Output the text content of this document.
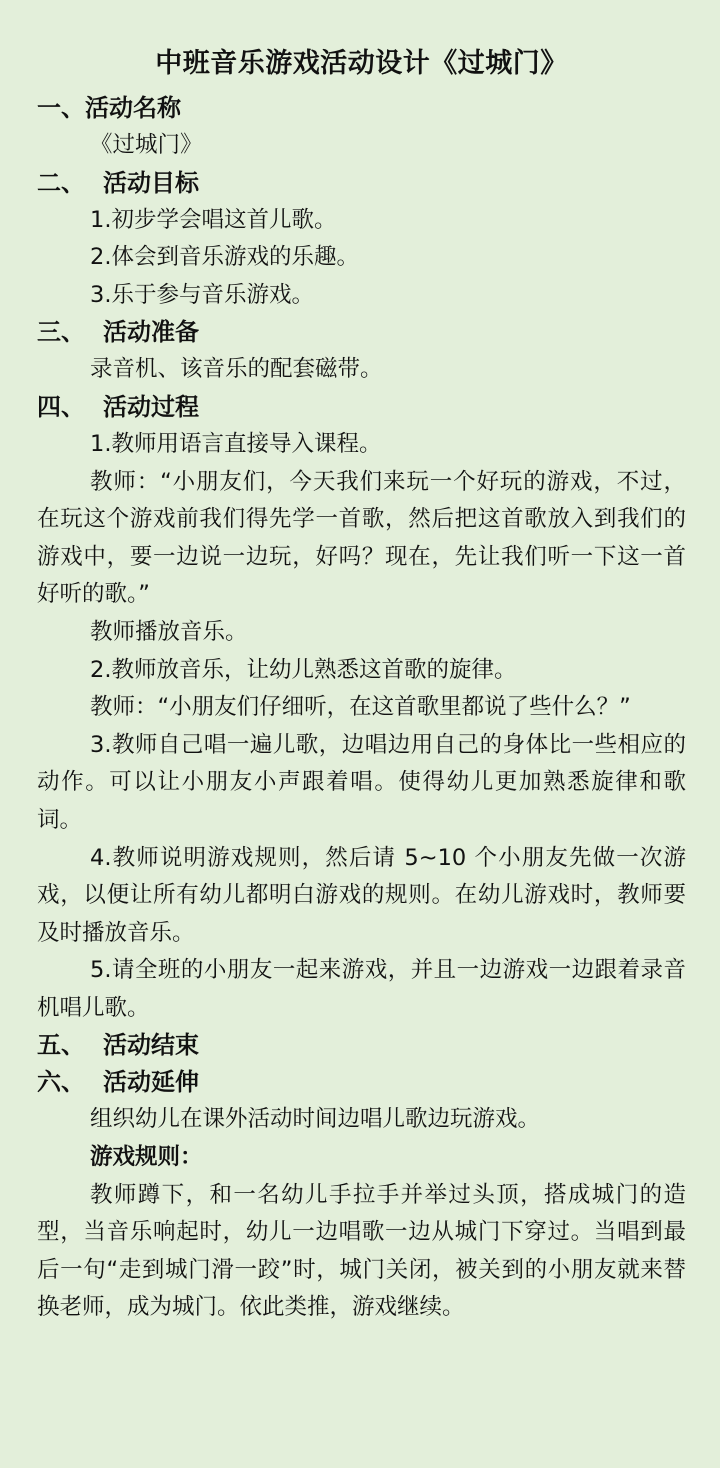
中班音乐游戏活动设计《过城门》
一、 活动名称

《过城门》

二、 活动目标

1.初步学会唱这首儿歌。

2.体会到音乐游戏的乐趣。

3.乐于参与音乐游戏。

三、 活动准备

录音机、该音乐的配套磁带。

四、 活动过程

1.教师用语言直接导入课程。

教师：“小朋友们，今天我们来玩一个好玩的游戏，不过，在玩这个游戏前我们得先学一首歌，然后把这首歌放入到我们的游戏中，要一边说一边玩，好吗？现在，先让我们听一下这一首好听的歌。”

教师播放音乐。

2.教师放音乐，让幼儿熟悉这首歌的旋律。

教师：“小朋友们仔细听，在这首歌里都说了些什么？”

3.教师自己唱一遍儿歌，边唱边用自己的身体比一些相应的动作。可以让小朋友小声跟着唱。使得幼儿更加熟悉旋律和歌词。

4.教师说明游戏规则，然后请 5~10 个小朋友先做一次游戏，以便让所有幼儿都明白游戏的规则。在幼儿游戏时，教师要及时播放音乐。

5.请全班的小朋友一起来游戏，并且一边游戏一边跟着录音机唱儿歌。

五、 活动结束
六、 活动延伸

组织幼儿在课外活动时间边唱儿歌边玩游戏。

游戏规则：

教师蹲下，和一名幼儿手拉手并举过头顶，搭成城门的造型，当音乐响起时，幼儿一边唱歌一边从城门下穿过。当唱到最后一句“走到城门滑一跤”时，城门关闭，被关到的小朋友就来替换老师，成为城门。依此类推，游戏继续。
